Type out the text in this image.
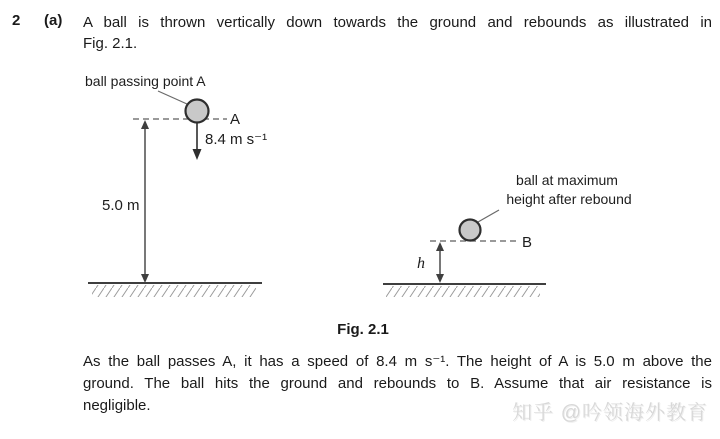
2 (a) A ball is thrown vertically down towards the ground and rebounds as illustrated in
Fig. 2.1.
ball passing point A
A
8.4 m s⁻¹
5.0 m
ball at maximum
height after rebound
B
h
Fig. 2.1
As the ball passes A, it has a speed of 8.4 m s⁻¹. The height of A is 5.0 m above the
ground. The ball hits the ground and rebounds to B. Assume that air resistance is
negligible.	知乎 @吟领海外教育
